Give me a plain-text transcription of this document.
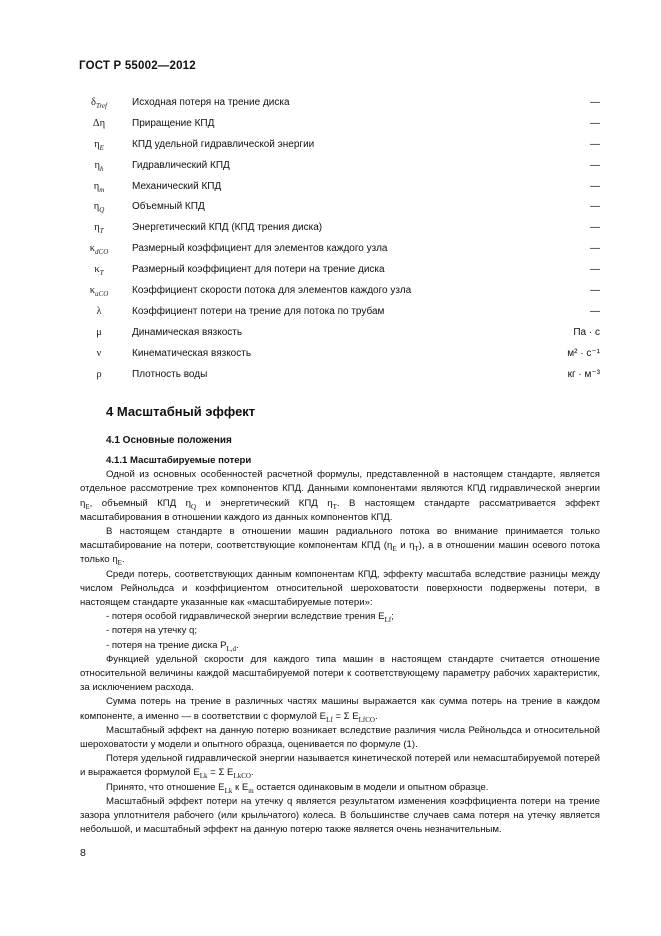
ГОСТ Р 55002—2012
$\delta_{Tref}$	Исходная потеря на трение диска	—
Δη	Приращение КПД	—
$\eta_E$	КПД удельной гидравлической энергии	—
$\eta_h$	Гидравлический КПД	—
$\eta_m$	Механический КПД	—
$\eta_Q$	Объемный КПД	—
$\eta_T$	Энергетический КПД (КПД трения диска)	—
$\kappa_{dCO}$	Размерный коэффициент для элементов каждого узла	—
$\kappa_T$	Размерный коэффициент для потери на трение диска	—
$\kappa_{uCO}$	Коэффициент скорости потока для элементов каждого узла	—
λ	Коэффициент потери на трение для потока по трубам	—
μ	Динамическая вязкость	Па · с
ν	Кинематическая вязкость	м² · с⁻¹
ρ	Плотность воды	кг · м⁻³
4 Масштабный эффект
4.1 Основные положения
4.1.1 Масштабируемые потери

Одной из основных особенностей расчетной формулы, представленной в настоящем стандарте, является отдельное рассмотрение трех компонентов КПД. Данными компонентами являются КПД гидравлической энергии $\eta_E$, объемный КПД $\eta_Q$ и энергетический КПД $\eta_T$. В настоящем стандарте рассматривается эффект масштабирования в отношении каждого из данных компонентов КПД.

В настоящем стандарте в отношении машин радиального потока во внимание принимается только масштабирование на потери, соответствующие компонентам КПД ($\eta_E$ и $\eta_T$), а в отношении машин осевого потока только $\eta_E$.

Среди потерь, соответствующих данным компонентам КПД, эффекту масштаба вследствие разницы между числом Рейнольдса и коэффициентом относительной шероховатости поверхности подвержены потери, в настоящем стандарте указанные как «масштабируемые потери»:

- потеря особой гидравлической энергии вследствие трения $E_{Lf}$;

- потеря на утечку q;

- потеря на трение диска $P_{L,d}$.

Функцией удельной скорости для каждого типа машин в настоящем стандарте считается отношение относительной величины каждой масштабируемой потери к соответствующему параметру рабочих характеристик, за исключением расхода.

Сумма потерь на трение в различных частях машины выражается как сумма потерь на трение в каждом компоненте, а именно — в соответствии с формулой $E_{Lf} = \Sigma$ $E_{LfCO}$.

Масштабный эффект на данную потерю возникает вследствие различия числа Рейнольдса и относительной шероховатости у модели и опытного образца, оценивается по формуле (1).

Потеря удельной гидравлической энергии называется кинетической потерей или немасштабируемой потерей и выражается формулой $E_{Lk} = \Sigma$ $E_{LkCO}$.

Принято, что отношение $E_{Lk}$ к $E_m$ остается одинаковым в модели и опытном образце.

Масштабный эффект потери на утечку q является результатом изменения коэффициента потери на трение зазора уплотнителя рабочего (или крыльчатого) колеса. В большинстве случаев сама потеря на утечку является небольшой, и масштабный эффект на данную потерю также является очень незначительным.

8
